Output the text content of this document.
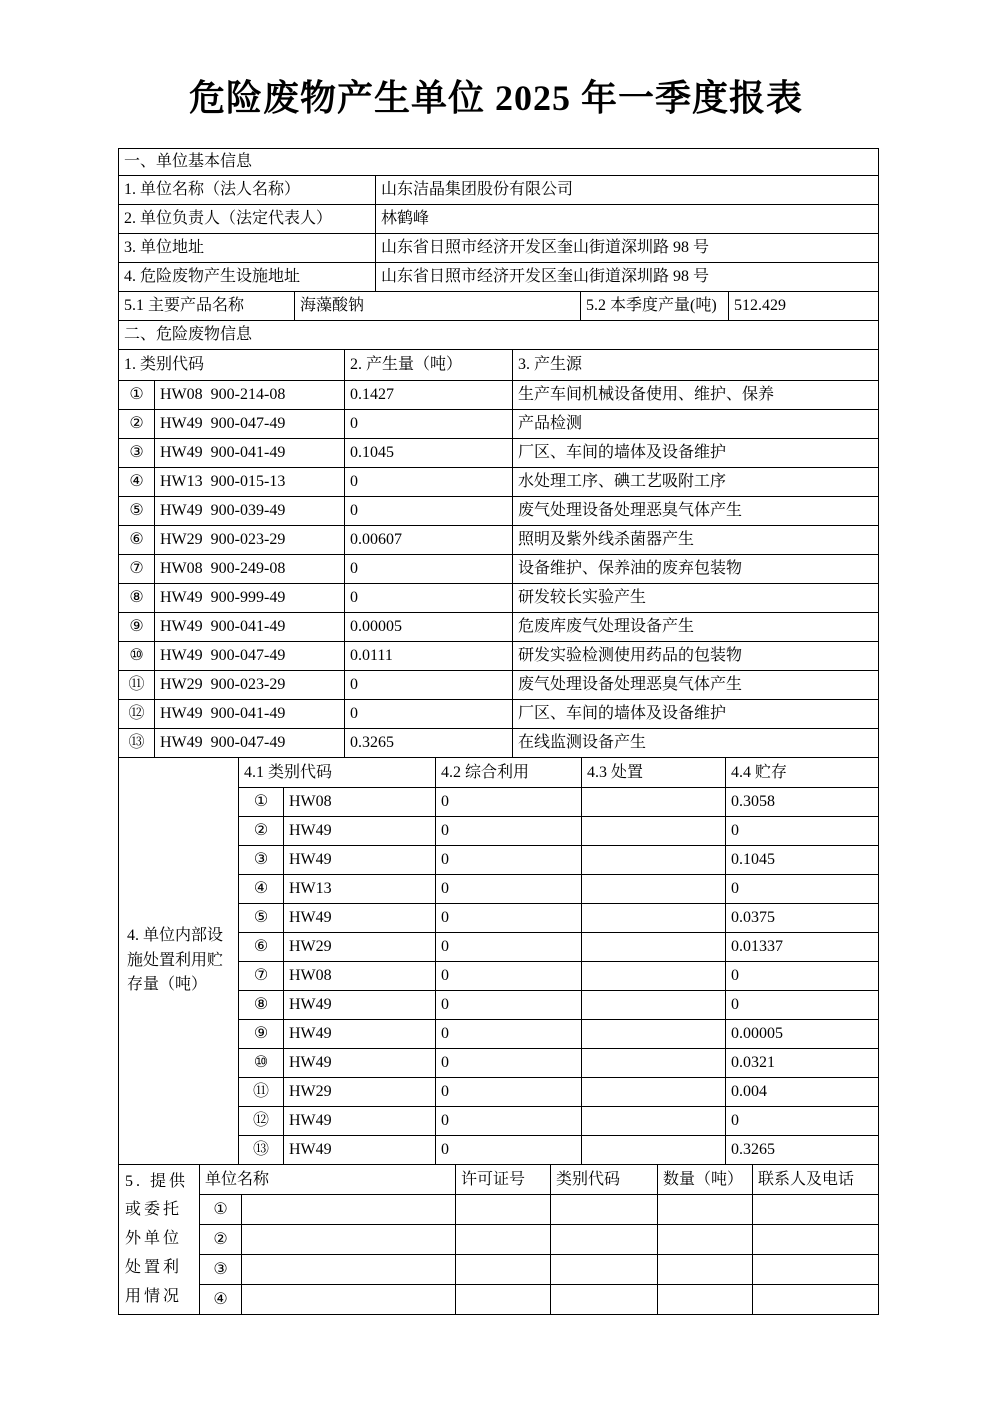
危险废物产生单位 2025 年一季度报表
一、单位基本信息
1. 单位名称（法人名称）	山东洁晶集团股份有限公司
2. 单位负责人（法定代表人）	林鹤峰
3. 单位地址	山东省日照市经济开发区奎山街道深圳路 98 号
4. 危险废物产生设施地址	山东省日照市经济开发区奎山街道深圳路 98 号
5.1 主要产品名称	海藻酸钠	5.2 本季度产量(吨)	512.429
二、危险废物信息
1. 类别代码		2. 产生量（吨）	3. 产生源
①	HW08  900-214-08	0.1427	生产车间机械设备使用、维护、保养
②	HW49  900-047-49	0	产品检测
③	HW49  900-041-49	0.1045	厂区、车间的墙体及设备维护
④	HW13  900-015-13	0	水处理工序、碘工艺吸附工序
⑤	HW49  900-039-49	0	废气处理设备处理恶臭气体产生
⑥	HW29  900-023-29	0.00607	照明及紫外线杀菌器产生
⑦	HW08  900-249-08	0	设备维护、保养油的废弃包装物
⑧	HW49  900-999-49	0	研发较长实验产生
⑨	HW49  900-041-49	0.00005	危废库废气处理设备产生
⑩	HW49  900-047-49	0.0111	研发实验检测使用药品的包装物
⑪	HW29  900-023-29	0	废气处理设备处理恶臭气体产生
⑫	HW49  900-041-49	0	厂区、车间的墙体及设备维护
⑬	HW49  900-047-49	0.3265	在线监测设备产生
4. 单位内部设施处置利用贮存量（吨）	4.1 类别代码		4.2 综合利用	4.3 处置	4.4 贮存
	①	HW08	0		0.3058
	②	HW49	0		0
	③	HW49	0		0.1045
	④	HW13	0		0
	⑤	HW49	0		0.0375
	⑥	HW29	0		0.01337
	⑦	HW08	0		0
	⑧	HW49	0		0
	⑨	HW49	0		0.00005
	⑩	HW49	0		0.0321
	⑪	HW29	0		0.004
	⑫	HW49	0		0
	⑬	HW49	0		0.3265
5. 提供或委托外单位处置利用情况	单位名称		许可证号	类别代码	数量（吨）	联系人及电话
	①					
	②					
	③					
	④					
